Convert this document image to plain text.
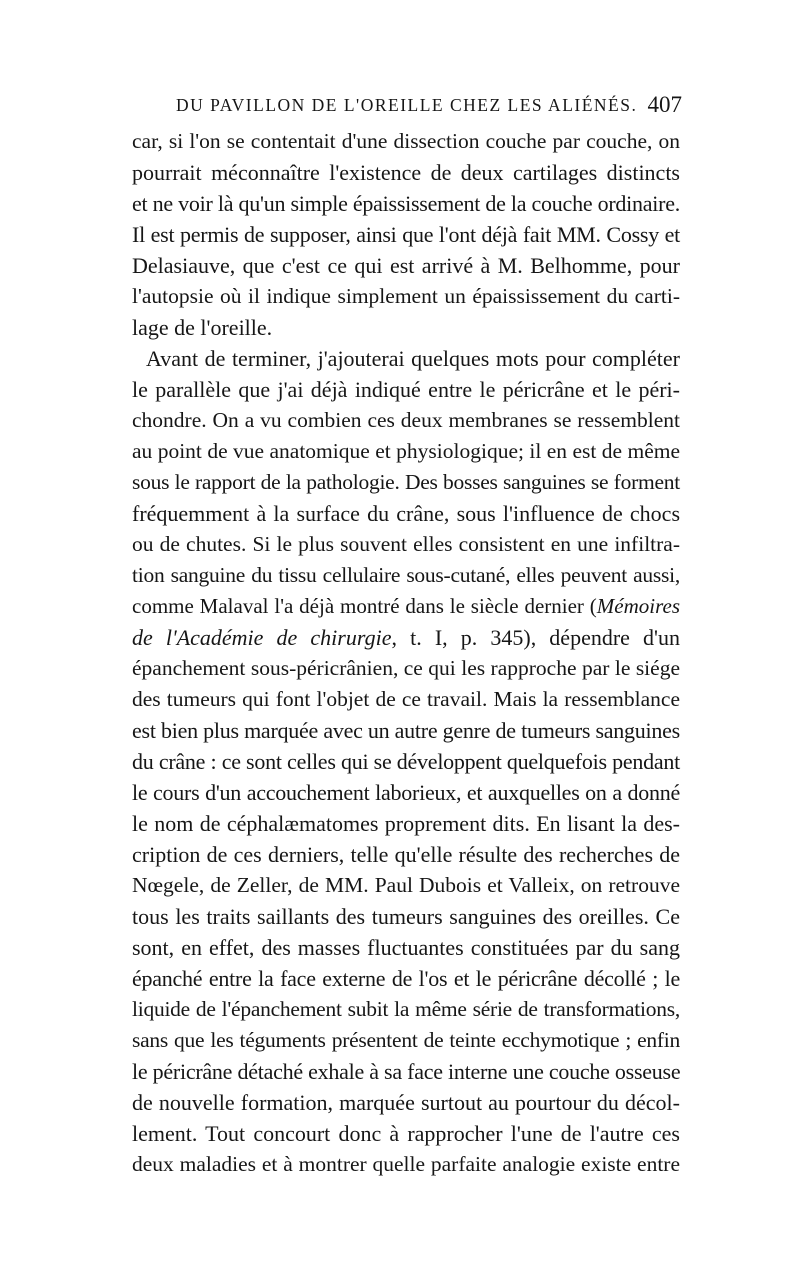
DU PAVILLON DE L'OREILLE CHEZ LES ALIÉNÉS. 407
car, si l'on se contentait d'une dissection couche par couche, on
pourrait méconnaître l'existence de deux cartilages distincts
et ne voir là qu'un simple épaississement de la couche ordinaire.
Il est permis de supposer, ainsi que l'ont déjà fait MM. Cossy et
Delasiauve, que c'est ce qui est arrivé à M. Belhomme, pour
l'autopsie où il indique simplement un épaississement du carti-
lage de l'oreille.
Avant de terminer, j'ajouterai quelques mots pour compléter
le parallèle que j'ai déjà indiqué entre le péricrâne et le péri-
chondre. On a vu combien ces deux membranes se ressemblent
au point de vue anatomique et physiologique; il en est de même
sous le rapport de la pathologie. Des bosses sanguines se forment
fréquemment à la surface du crâne, sous l'influence de chocs
ou de chutes. Si le plus souvent elles consistent en une infiltra-
tion sanguine du tissu cellulaire sous-cutané, elles peuvent aussi,
comme Malaval l'a déjà montré dans le siècle dernier (Mémoires
de l'Académie de chirurgie, t. I, p. 345), dépendre d'un
épanchement sous-péricrânien, ce qui les rapproche par le siége
des tumeurs qui font l'objet de ce travail. Mais la ressemblance
est bien plus marquée avec un autre genre de tumeurs sanguines
du crâne : ce sont celles qui se développent quelquefois pendant
le cours d'un accouchement laborieux, et auxquelles on a donné
le nom de céphalæmatomes proprement dits. En lisant la des-
cription de ces derniers, telle qu'elle résulte des recherches de
Nœgele, de Zeller, de MM. Paul Dubois et Valleix, on retrouve
tous les traits saillants des tumeurs sanguines des oreilles. Ce
sont, en effet, des masses fluctuantes constituées par du sang
épanché entre la face externe de l'os et le péricrâne décollé ; le
liquide de l'épanchement subit la même série de transformations,
sans que les téguments présentent de teinte ecchymotique ; enfin
le péricrâne détaché exhale à sa face interne une couche osseuse
de nouvelle formation, marquée surtout au pourtour du décol-
lement. Tout concourt donc à rapprocher l'une de l'autre ces
deux maladies et à montrer quelle parfaite analogie existe entre
